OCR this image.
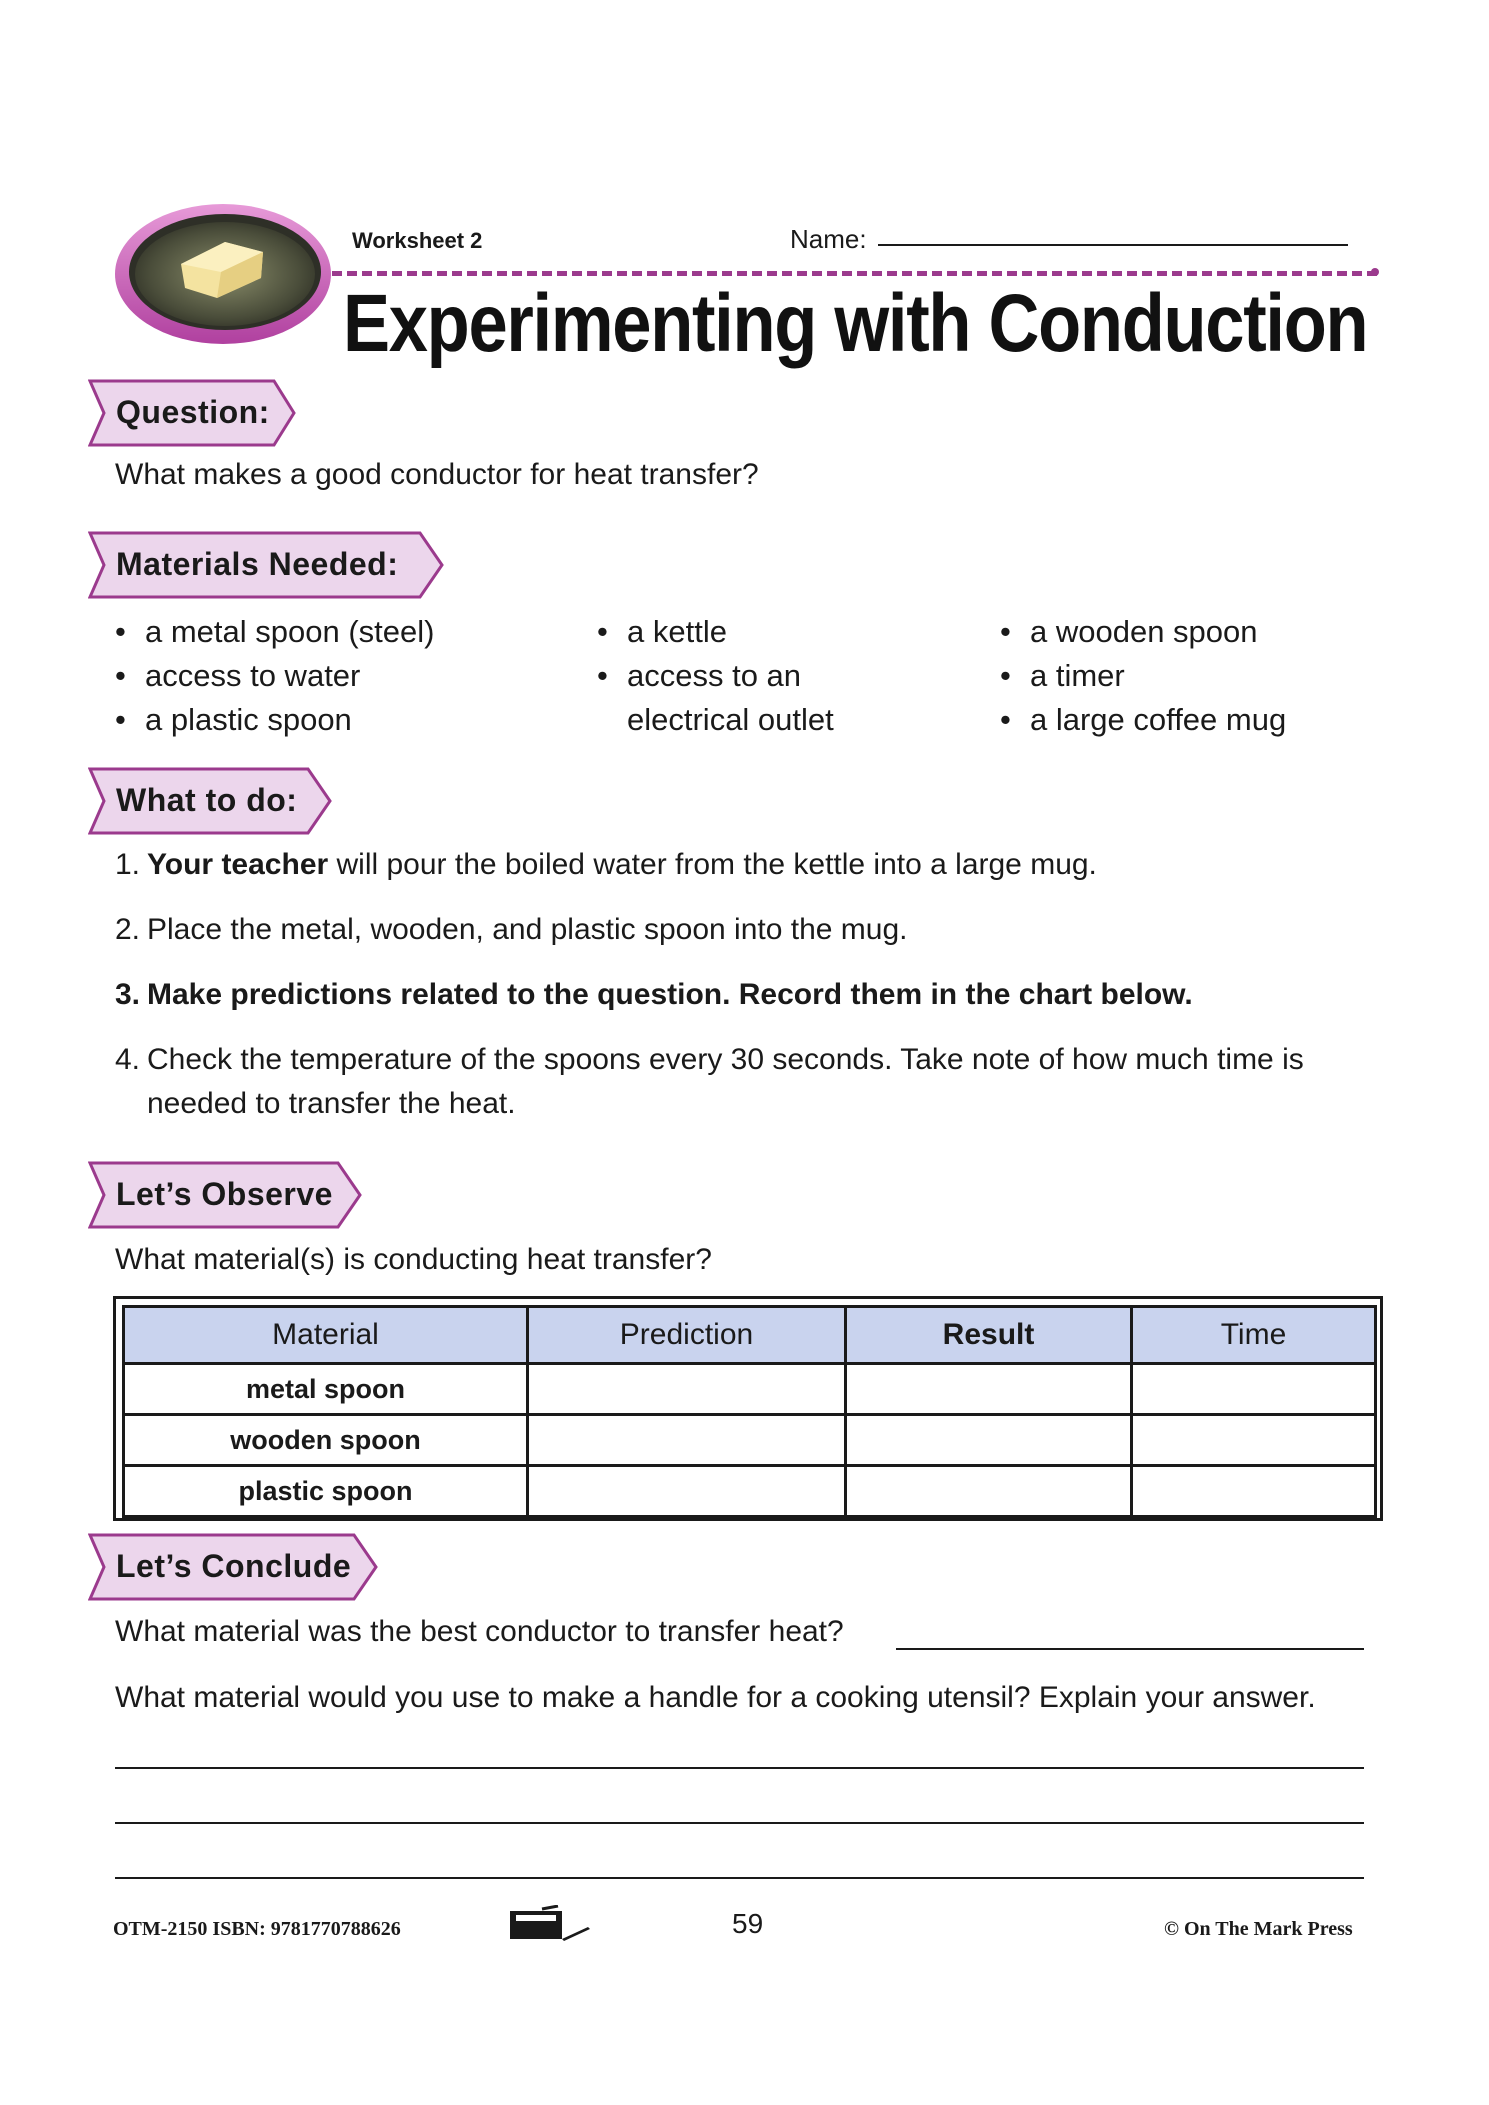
Worksheet 2	Name:
Experimenting with Conduction
Question:
What makes a good conductor for heat transfer?
Materials Needed:
• a metal spoon (steel)
• access to water
• a plastic spoon
• a kettle
• access to an
electrical outlet
• a wooden spoon
• a timer
• a large coffee mug
What to do:
1. Your teacher will pour the boiled water from the kettle into a large mug.
2. Place the metal, wooden, and plastic spoon into the mug.
3. Make predictions related to the question. Record them in the chart below.
4. Check the temperature of the spoons every 30 seconds. Take note of how much time is
needed to transfer the heat.
Let’s Observe
What material(s) is conducting heat transfer?
Material	Prediction	Result	Time
metal spoon			
wooden spoon			
plastic spoon			
Let’s Conclude
What material was the best conductor to transfer heat?
What material would you use to make a handle for a cooking utensil? Explain your answer.
OTM-2150 ISBN: 9781770788626	59	© On The Mark Press
